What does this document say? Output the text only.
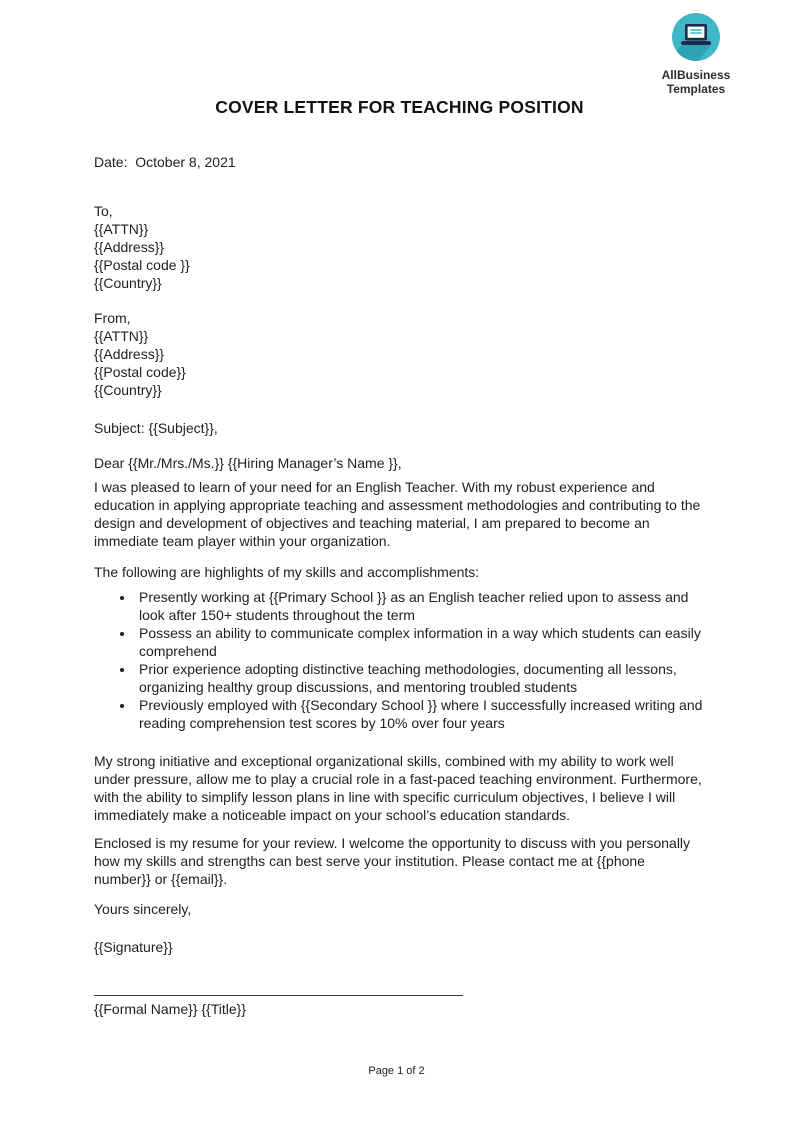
AllBusiness
Templates
COVER LETTER FOR TEACHING POSITION
Date:  October 8, 2021
To,
{{ATTN}}
{{Address}}
{{Postal code }}
{{Country}}
From,
{{ATTN}}
{{Address}}
{{Postal code}}
{{Country}}
Subject: {{Subject}},
Dear {{Mr./Mrs./Ms.}} {{Hiring Manager’s Name }},

I was pleased to learn of your need for an English Teacher. With my robust experience and education in applying appropriate teaching and assessment methodologies and contributing to the design and development of objectives and teaching material, I am prepared to become an immediate team player within your organization.

The following are highlights of my skills and accomplishments:

• Presently working at {{Primary School }} as an English teacher relied upon to assess and look after 150+ students throughout the term
• Possess an ability to communicate complex information in a way which students can easily comprehend
• Prior experience adopting distinctive teaching methodologies, documenting all lessons, organizing healthy group discussions, and mentoring troubled students
• Previously employed with {{Secondary School }} where I successfully increased writing and reading comprehension test scores by 10% over four years

My strong initiative and exceptional organizational skills, combined with my ability to work well under pressure, allow me to play a crucial role in a fast-paced teaching environment. Furthermore, with the ability to simplify lesson plans in line with specific curriculum objectives, I believe I will immediately make a noticeable impact on your school’s education standards.

Enclosed is my resume for your review. I welcome the opportunity to discuss with you personally how my skills and strengths can best serve your institution. Please contact me at {{phone number}} or {{email}}.

Yours sincerely,
{{Signature}}
{{Formal Name}} {{Title}}
Page 1 of 2
